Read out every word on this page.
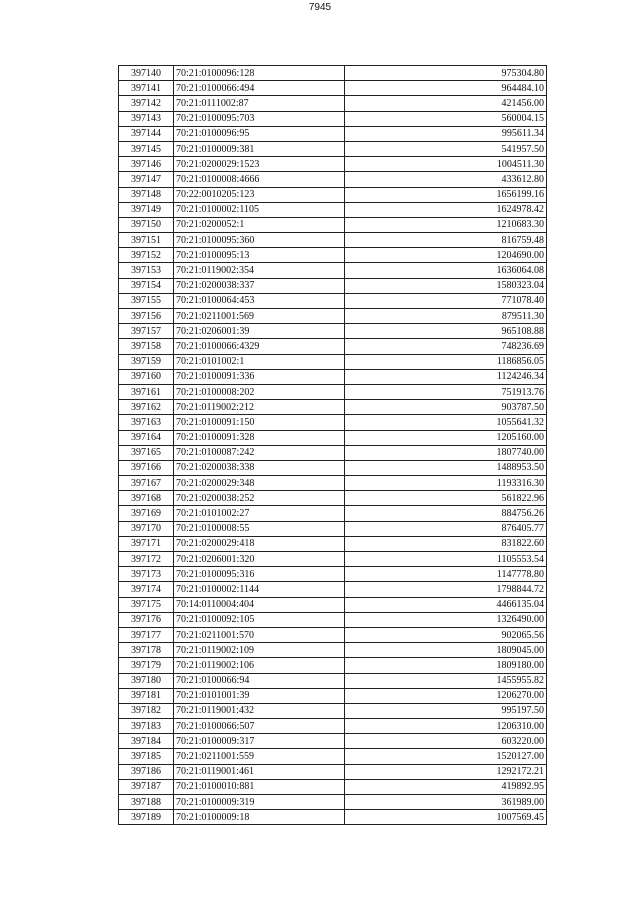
7945
397140	70:21:0100096:128	975304.80
397141	70:21:0100066:494	964484.10
397142	70:21:0111002:87	421456.00
397143	70:21:0100095:703	560004.15
397144	70:21:0100096:95	995611.34
397145	70:21:0100009:381	541957.50
397146	70:21:0200029:1523	1004511.30
397147	70:21:0100008:4666	433612.80
397148	70:22:0010205:123	1656199.16
397149	70:21:0100002:1105	1624978.42
397150	70:21:0200052:1	1210683.30
397151	70:21:0100095:360	816759.48
397152	70:21:0100095:13	1204690.00
397153	70:21:0119002:354	1636064.08
397154	70:21:0200038:337	1580323.04
397155	70:21:0100064:453	771078.40
397156	70:21:0211001:569	879511.30
397157	70:21:0206001:39	965108.88
397158	70:21:0100066:4329	748236.69
397159	70:21:0101002:1	1186856.05
397160	70:21:0100091:336	1124246.34
397161	70:21:0100008:202	751913.76
397162	70:21:0119002:212	903787.50
397163	70:21:0100091:150	1055641.32
397164	70:21:0100091:328	1205160.00
397165	70:21:0100087:242	1807740.00
397166	70:21:0200038:338	1488953.50
397167	70:21:0200029:348	1193316.30
397168	70:21:0200038:252	561822.96
397169	70:21:0101002:27	884756.26
397170	70:21:0100008:55	876405.77
397171	70:21:0200029:418	831822.60
397172	70:21:0206001:320	1105553.54
397173	70:21:0100095:316	1147778.80
397174	70:21:0100002:1144	1798844.72
397175	70:14:0110004:404	4466135.04
397176	70:21:0100092:105	1326490.00
397177	70:21:0211001:570	902065.56
397178	70:21:0119002:109	1809045.00
397179	70:21:0119002:106	1809180.00
397180	70:21:0100066:94	1455955.82
397181	70:21:0101001:39	1206270.00
397182	70:21:0119001:432	995197.50
397183	70:21:0100066:507	1206310.00
397184	70:21:0100009:317	603220.00
397185	70:21:0211001:559	1520127.00
397186	70:21:0119001:461	1292172.21
397187	70:21:0100010:881	419892.95
397188	70:21:0100009:319	361989.00
397189	70:21:0100009:18	1007569.45
